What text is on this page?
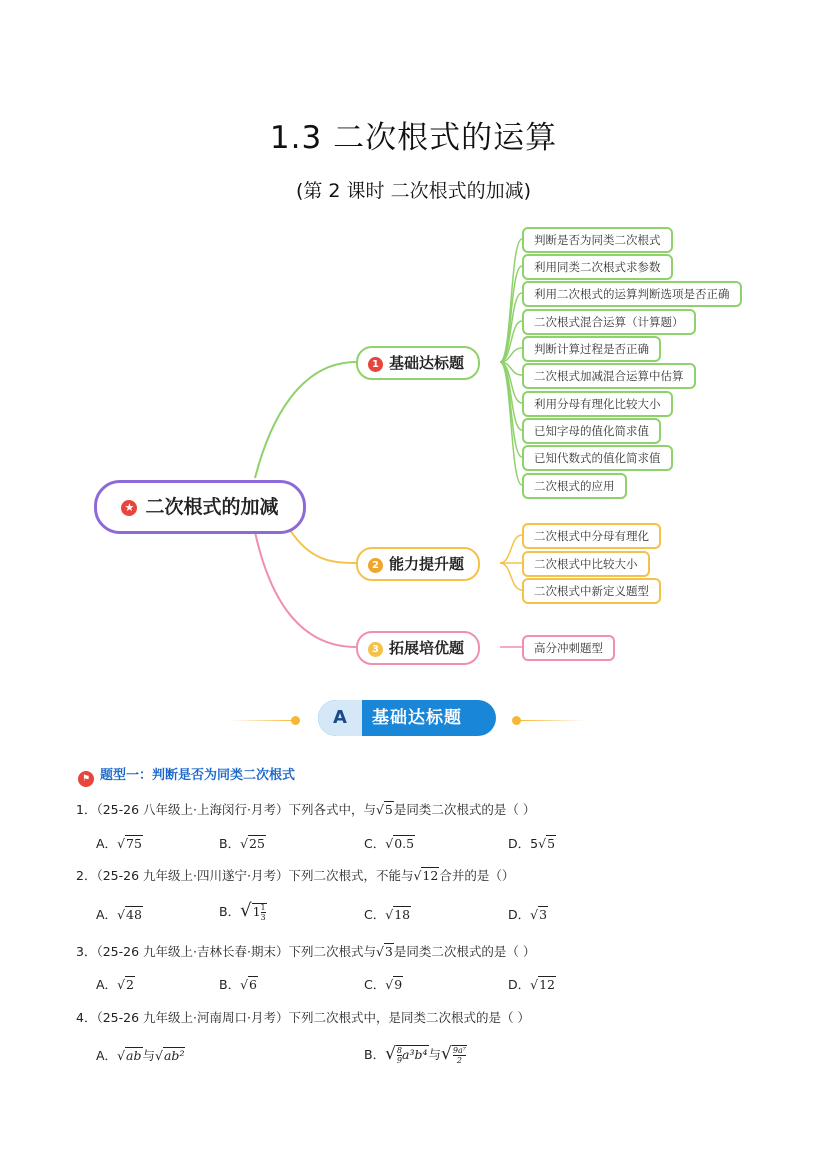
1.3 二次根式的运算
(第 2 课时 二次根式的加减)
★ 二次根式的加减
1 基础达标题
2 能力提升题
3 拓展培优题
判断是否为同类二次根式
利用同类二次根式求参数
利用二次根式的运算判断选项是否正确
二次根式混合运算（计算题）
判断计算过程是否正确
二次根式加减混合运算中估算
利用分母有理化比较大小
已知字母的值化简求值
已知代数式的值化简求值
二次根式的应用
二次根式中分母有理化
二次根式中比较大小
二次根式中新定义题型
高分冲刺题型
A	基础达标题
⚑ 题型一：判断是否为同类二次根式
1．（25-26 八年级上·上海闵行·月考）下列各式中，与√5是同类二次根式的是（ ）
A．√75	B．√25	C．√0.5	D．5√5
2．（25-26 九年级上·四川遂宁·月考）下列二次根式，不能与√12合并的是（）
A．√48	B．$√1 \frac{1}{3}$	C．√18	D．√3
3．（25-26 九年级上·吉林长春·期末）下列二次根式与√3是同类二次根式的是（ ）
A．√2	B．√6	C．√9	D．√12
4．（25-26 九年级上·河南周口·月考）下列二次根式中，是同类二次根式的是（ ）
A．√ab与√ab²	B．√ $\frac{8}{9} a^3b^4$与√ $\frac{\text{9a⁷}}{2}$
